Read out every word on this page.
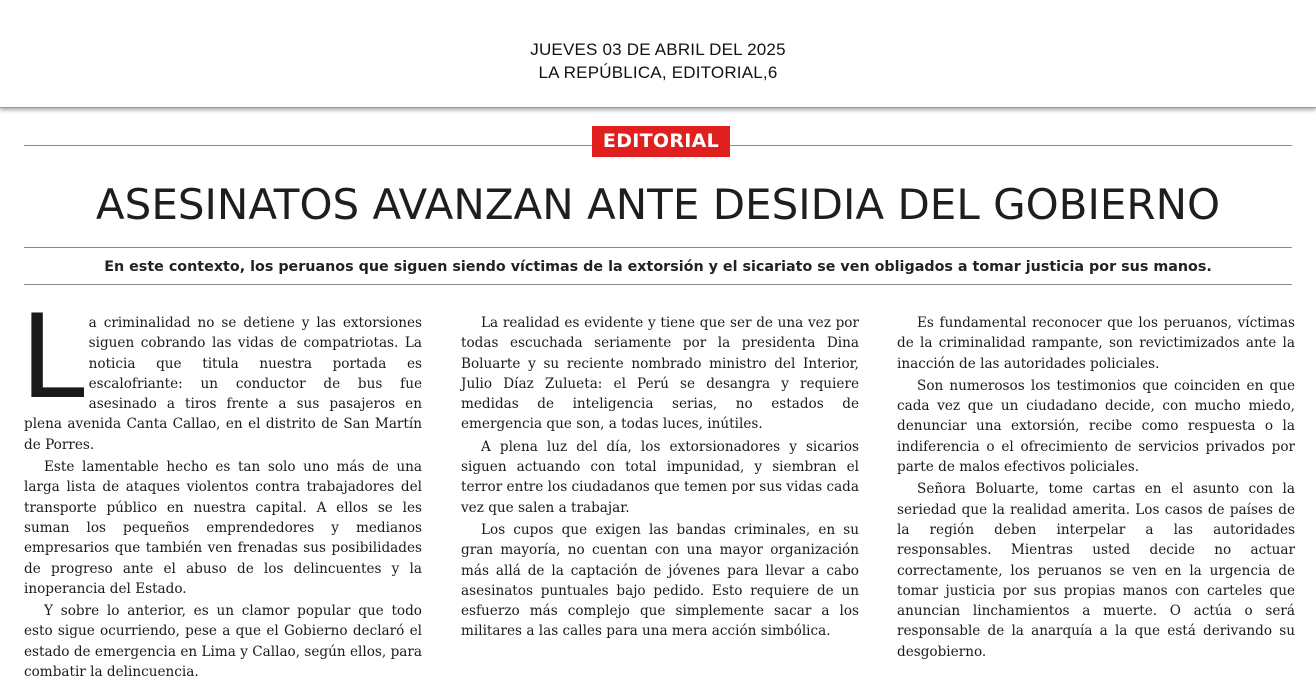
JUEVES 03 DE ABRIL DEL 2025
LA REPÚBLICA, EDITORIAL,6
EDITORIAL
ASESINATOS AVANZAN ANTE DESIDIA DEL GOBIERNO
En este contexto, los peruanos que siguen siendo víctimas de la extorsión y el sicariato se ven obligados a tomar justicia por sus manos.

La criminalidad no se detiene y las extorsiones siguen cobrando las vidas de compatriotas. La noticia que titula nuestra portada es escalofriante: un conductor de bus fue asesinado a tiros frente a sus pasajeros en plena avenida Canta Callao, en el distrito de San Martín de Porres.

Este lamentable hecho es tan solo uno más de una larga lista de ataques violentos contra trabajadores del transporte público en nuestra capital. A ellos se les suman los pequeños emprendedores y medianos empresarios que también ven frenadas sus posibilidades de progreso ante el abuso de los delincuentes y la inoperancia del Estado.

Y sobre lo anterior, es un clamor popular que todo esto sigue ocurriendo, pese a que el Gobierno declaró el estado de emergencia en Lima y Callao, según ellos, para combatir la delincuencia.

La realidad es evidente y tiene que ser de una vez por todas escuchada seriamente por la presidenta Dina Boluarte y su reciente nombrado ministro del Interior, Julio Díaz Zulueta: el Perú se desangra y requiere medidas de inteligencia serias, no estados de emergencia que son, a todas luces, inútiles.

A plena luz del día, los extorsionadores y sicarios siguen actuando con total impunidad, y siembran el terror entre los ciudadanos que temen por sus vidas cada vez que salen a trabajar.

Los cupos que exigen las bandas criminales, en su gran mayoría, no cuentan con una mayor organización más allá de la captación de jóvenes para llevar a cabo asesinatos puntuales bajo pedido. Esto requiere de un esfuerzo más complejo que simplemente sacar a los militares a las calles para una mera acción simbólica.

Es fundamental reconocer que los peruanos, víctimas de la criminalidad rampante, son revictimizados ante la inacción de las autoridades policiales.

Son numerosos los testimonios que coinciden en que cada vez que un ciudadano decide, con mucho miedo, denunciar una extorsión, recibe como respuesta o la indiferencia o el ofrecimiento de servicios privados por parte de malos efectivos policiales.

Señora Boluarte, tome cartas en el asunto con la seriedad que la realidad amerita. Los casos de países de la región deben interpelar a las autoridades responsables. Mientras usted decide no actuar correctamente, los peruanos se ven en la urgencia de tomar justicia por sus propias manos con carteles que anuncian linchamientos a muerte. O actúa o será responsable de la anarquía a la que está derivando su desgobierno.
